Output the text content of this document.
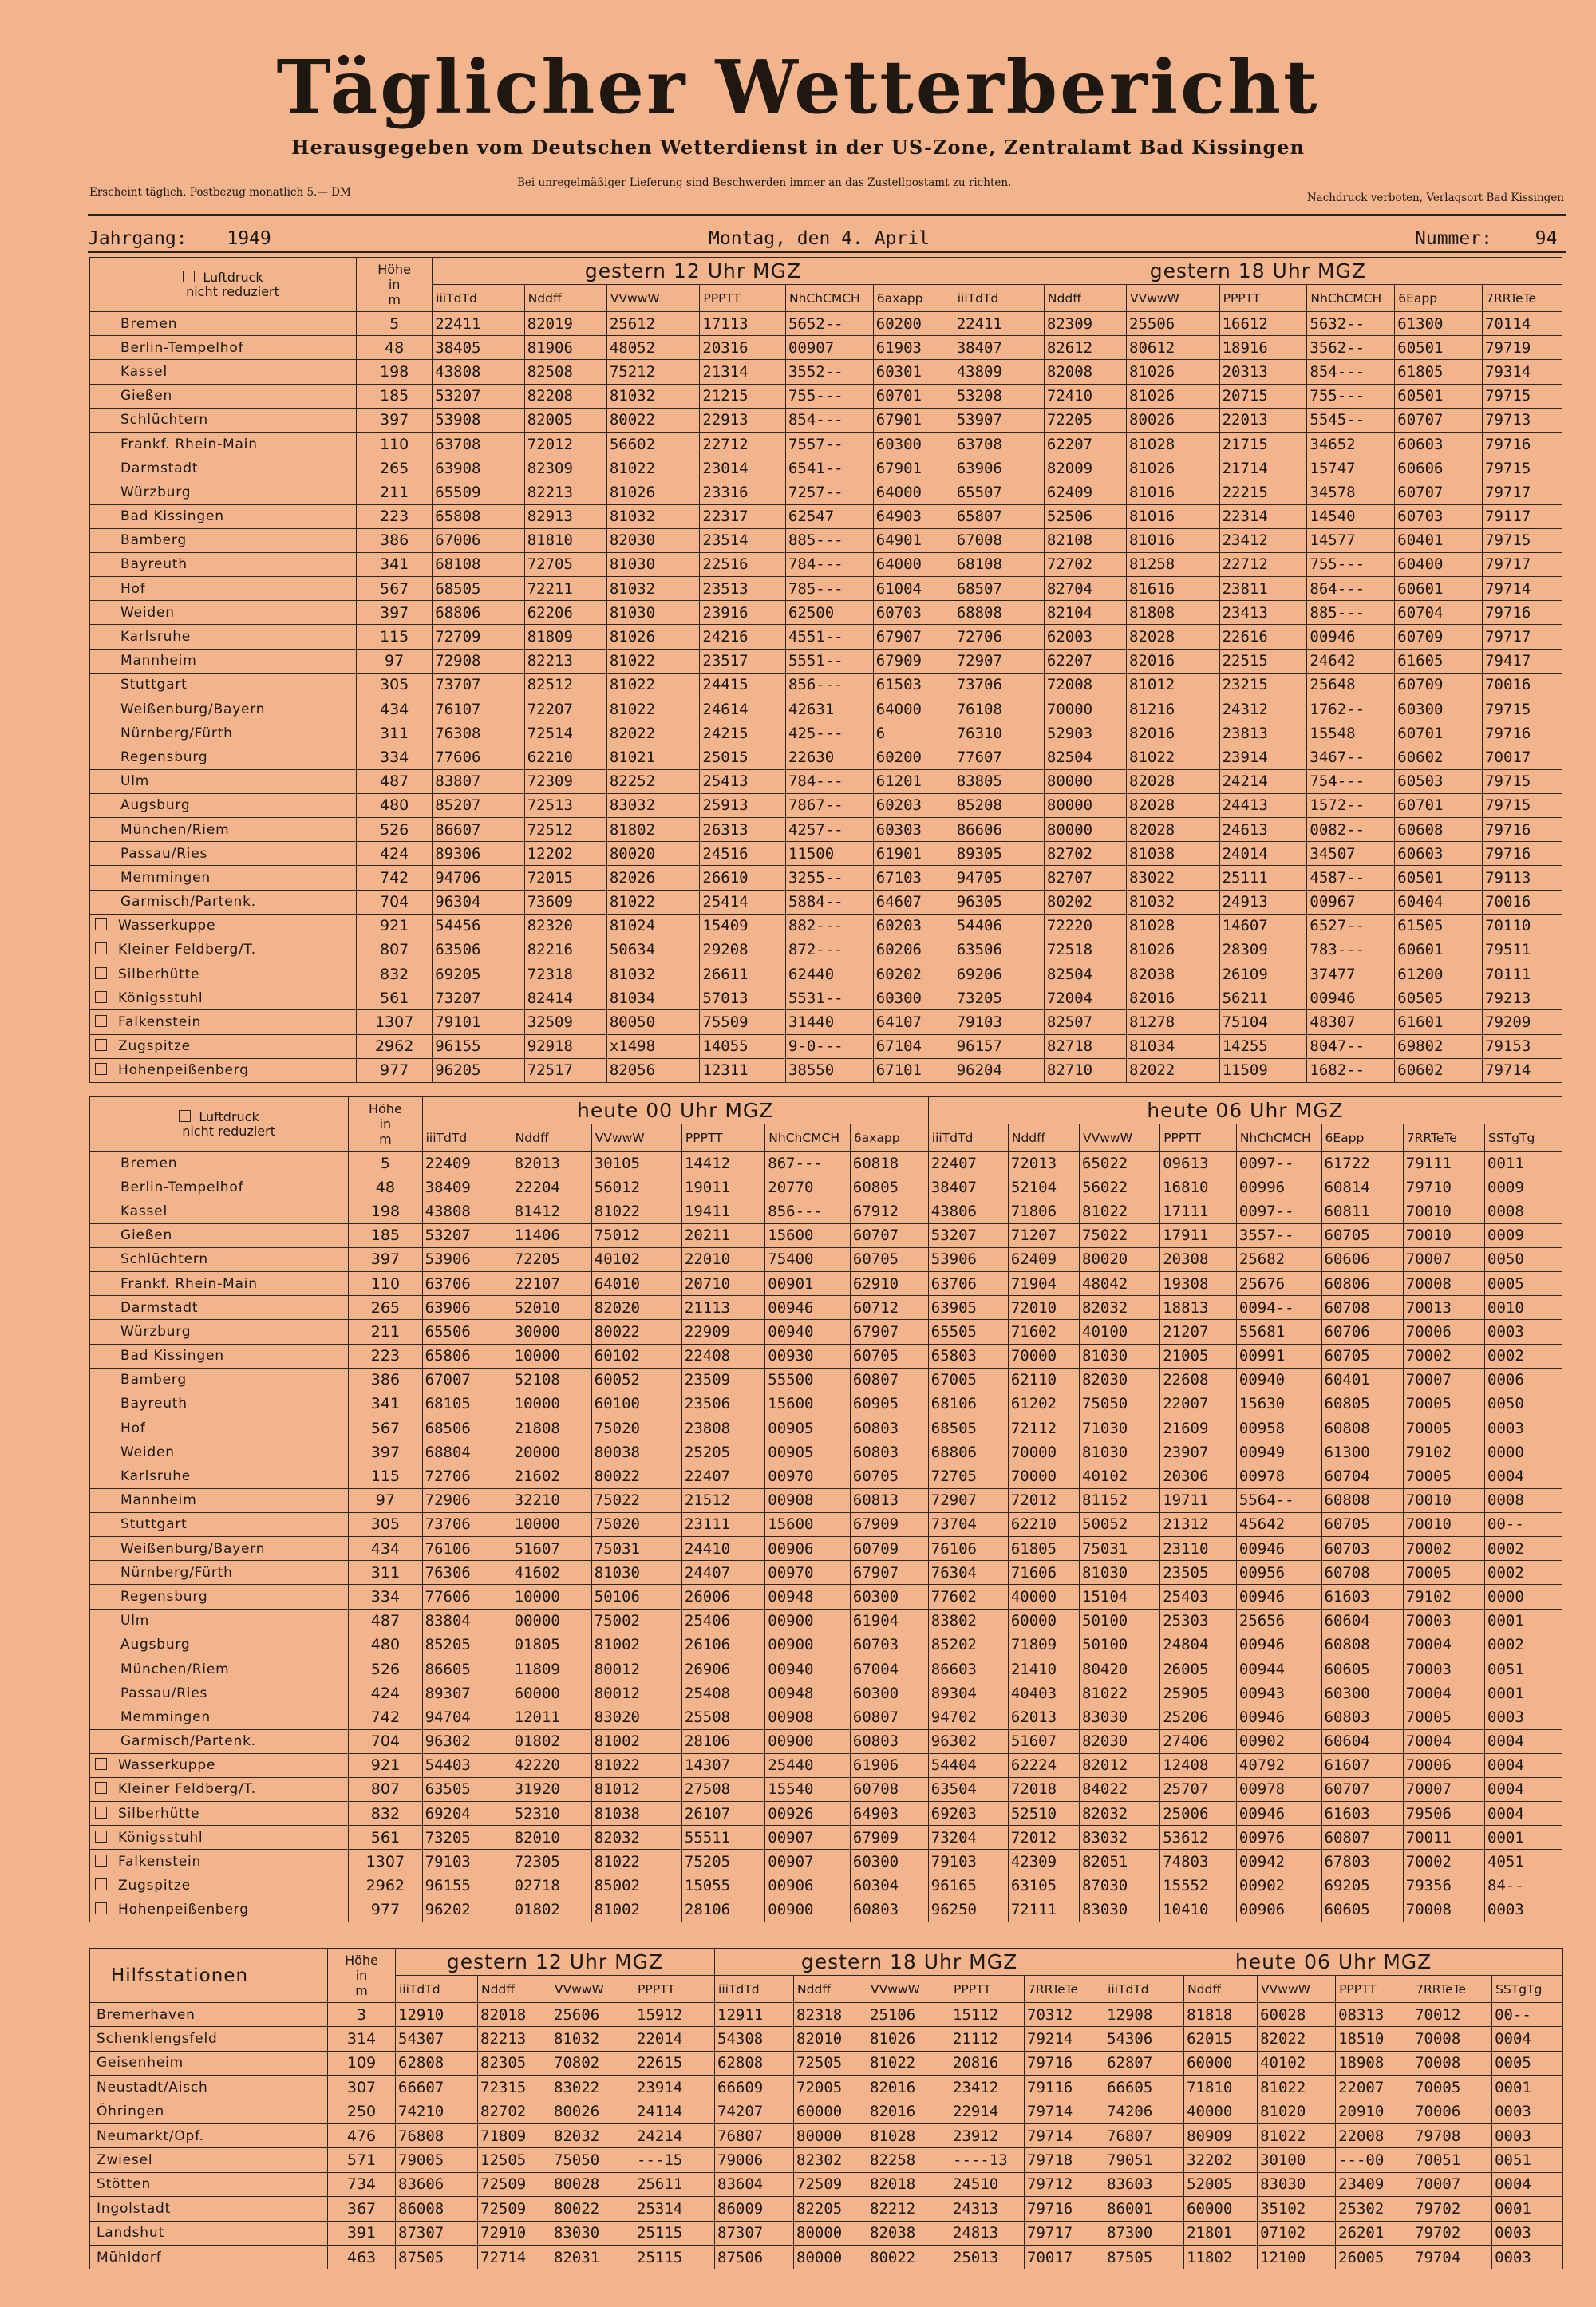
Täglicher Wetterbericht
Herausgegeben vom Deutschen Wetterdienst in der US-Zone, Zentralamt Bad Kissingen
Erscheint täglich, Postbezug monatlich 5.— DM
Bei unregelmäßiger Lieferung sind Beschwerden immer an das Zustellpostamt zu richten.
Nachdruck verboten, Verlagsort Bad Kissingen
Jahrgang: 1949	Montag, den 4. April	Nummer: 94
Luftdruck
nicht reduziert	Höhe
in
m	gestern 12 Uhr MGZ						gestern 18 Uhr MGZ						
		iiiTdTd	Nddff	VVwwW	PPPTT	NhChCMCH	6axapp	iiiTdTd	Nddff	VVwwW	PPPTT	NhChCMCH	6Eapp	7RRTeTe
Bremen	5	22411	82019	25612	17113	5652--	60200	22411	82309	25506	16612	5632--	61300	70114
Berlin-Tempelhof	48	38405	81906	48052	20316	00907	61903	38407	82612	80612	18916	3562--	60501	79719
Kassel	198	43808	82508	75212	21314	3552--	60301	43809	82008	81026	20313	854---	61805	79314
Gießen	185	53207	82208	81032	21215	755---	60701	53208	72410	81026	20715	755---	60501	79715
Schlüchtern	397	53908	82005	80022	22913	854---	67901	53907	72205	80026	22013	5545--	60707	79713
Frankf. Rhein-Main	110	63708	72012	56602	22712	7557--	60300	63708	62207	81028	21715	34652	60603	79716
Darmstadt	265	63908	82309	81022	23014	6541--	67901	63906	82009	81026	21714	15747	60606	79715
Würzburg	211	65509	82213	81026	23316	7257--	64000	65507	62409	81016	22215	34578	60707	79717
Bad Kissingen	223	65808	82913	81032	22317	62547	64903	65807	52506	81016	22314	14540	60703	79117
Bamberg	386	67006	81810	82030	23514	885---	64901	67008	82108	81016	23412	14577	60401	79715
Bayreuth	341	68108	72705	81030	22516	784---	64000	68108	72702	81258	22712	755---	60400	79717
Hof	567	68505	72211	81032	23513	785---	61004	68507	82704	81616	23811	864---	60601	79714
Weiden	397	68806	62206	81030	23916	62500	60703	68808	82104	81808	23413	885---	60704	79716
Karlsruhe	115	72709	81809	81026	24216	4551--	67907	72706	62003	82028	22616	00946	60709	79717
Mannheim	97	72908	82213	81022	23517	5551--	67909	72907	62207	82016	22515	24642	61605	79417
Stuttgart	305	73707	82512	81022	24415	856---	61503	73706	72008	81012	23215	25648	60709	70016
Weißenburg/Bayern	434	76107	72207	81022	24614	42631	64000	76108	70000	81216	24312	1762--	60300	79715
Nürnberg/Fürth	311	76308	72514	82022	24215	425---	6	76310	52903	82016	23813	15548	60701	79716
Regensburg	334	77606	62210	81021	25015	22630	60200	77607	82504	81022	23914	3467--	60602	70017
Ulm	487	83807	72309	82252	25413	784---	61201	83805	80000	82028	24214	754---	60503	79715
Augsburg	480	85207	72513	83032	25913	7867--	60203	85208	80000	82028	24413	1572--	60701	79715
München/Riem	526	86607	72512	81802	26313	4257--	60303	86606	80000	82028	24613	0082--	60608	79716
Passau/Ries	424	89306	12202	80020	24516	11500	61901	89305	82702	81038	24014	34507	60603	79716
Memmingen	742	94706	72015	82026	26610	3255--	67103	94705	82707	83022	25111	4587--	60501	79113
Garmisch/Partenk.	704	96304	73609	81022	25414	5884--	64607	96305	80202	81032	24913	00967	60404	70016
Wasserkuppe	921	54456	82320	81024	15409	882---	60203	54406	72220	81028	14607	6527--	61505	70110
Kleiner Feldberg/T.	807	63506	82216	50634	29208	872---	60206	63506	72518	81026	28309	783---	60601	79511
Silberhütte	832	69205	72318	81032	26611	62440	60202	69206	82504	82038	26109	37477	61200	70111
Königsstuhl	561	73207	82414	81034	57013	5531--	60300	73205	72004	82016	56211	00946	60505	79213
Falkenstein	1307	79101	32509	80050	75509	31440	64107	79103	82507	81278	75104	48307	61601	79209
Zugspitze	2962	96155	92918	x1498	14055	9-0---	67104	96157	82718	81034	14255	8047--	69802	79153
Hohenpeißenberg	977	96205	72517	82056	12311	38550	67101	96204	82710	82022	11509	1682--	60602	79714
Luftdruck
nicht reduziert	Höhe
in
m	heute 00 Uhr MGZ						heute 06 Uhr MGZ							
		iiiTdTd	Nddff	VVwwW	PPPTT	NhChCMCH	6axapp	iiiTdTd	Nddff	VVwwW	PPPTT	NhChCMCH	6Eapp	7RRTeTe	SSTgTg
Bremen	5	22409	82013	30105	14412	867---	60818	22407	72013	65022	09613	0097--	61722	79111	0011
Berlin-Tempelhof	48	38409	22204	56012	19011	20770	60805	38407	52104	56022	16810	00996	60814	79710	0009
Kassel	198	43808	81412	81022	19411	856---	67912	43806	71806	81022	17111	0097--	60811	70010	0008
Gießen	185	53207	11406	75012	20211	15600	60707	53207	71207	75022	17911	3557--	60705	70010	0009
Schlüchtern	397	53906	72205	40102	22010	75400	60705	53906	62409	80020	20308	25682	60606	70007	0050
Frankf. Rhein-Main	110	63706	22107	64010	20710	00901	62910	63706	71904	48042	19308	25676	60806	70008	0005
Darmstadt	265	63906	52010	82020	21113	00946	60712	63905	72010	82032	18813	0094--	60708	70013	0010
Würzburg	211	65506	30000	80022	22909	00940	67907	65505	71602	40100	21207	55681	60706	70006	0003
Bad Kissingen	223	65806	10000	60102	22408	00930	60705	65803	70000	81030	21005	00991	60705	70002	0002
Bamberg	386	67007	52108	60052	23509	55500	60807	67005	62110	82030	22608	00940	60401	70007	0006
Bayreuth	341	68105	10000	60100	23506	15600	60905	68106	61202	75050	22007	15630	60805	70005	0050
Hof	567	68506	21808	75020	23808	00905	60803	68505	72112	71030	21609	00958	60808	70005	0003
Weiden	397	68804	20000	80038	25205	00905	60803	68806	70000	81030	23907	00949	61300	79102	0000
Karlsruhe	115	72706	21602	80022	22407	00970	60705	72705	70000	40102	20306	00978	60704	70005	0004
Mannheim	97	72906	32210	75022	21512	00908	60813	72907	72012	81152	19711	5564--	60808	70010	0008
Stuttgart	305	73706	10000	75020	23111	15600	67909	73704	62210	50052	21312	45642	60705	70010	00--
Weißenburg/Bayern	434	76106	51607	75031	24410	00906	60709	76106	61805	75031	23110	00946	60703	70002	0002
Nürnberg/Fürth	311	76306	41602	81030	24407	00970	67907	76304	71606	81030	23505	00956	60708	70005	0002
Regensburg	334	77606	10000	50106	26006	00948	60300	77602	40000	15104	25403	00946	61603	79102	0000
Ulm	487	83804	00000	75002	25406	00900	61904	83802	60000	50100	25303	25656	60604	70003	0001
Augsburg	480	85205	01805	81002	26106	00900	60703	85202	71809	50100	24804	00946	60808	70004	0002
München/Riem	526	86605	11809	80012	26906	00940	67004	86603	21410	80420	26005	00944	60605	70003	0051
Passau/Ries	424	89307	60000	80012	25408	00948	60300	89304	40403	81022	25905	00943	60300	70004	0001
Memmingen	742	94704	12011	83020	25508	00908	60807	94702	62013	83030	25206	00946	60803	70005	0003
Garmisch/Partenk.	704	96302	01802	81002	28106	00900	60803	96302	51607	82030	27406	00902	60604	70004	0004
Wasserkuppe	921	54403	42220	81022	14307	25440	61906	54404	62224	82012	12408	40792	61607	70006	0004
Kleiner Feldberg/T.	807	63505	31920	81012	27508	15540	60708	63504	72018	84022	25707	00978	60707	70007	0004
Silberhütte	832	69204	52310	81038	26107	00926	64903	69203	52510	82032	25006	00946	61603	79506	0004
Königsstuhl	561	73205	82010	82032	55511	00907	67909	73204	72012	83032	53612	00976	60807	70011	0001
Falkenstein	1307	79103	72305	81022	75205	00907	60300	79103	42309	82051	74803	00942	67803	70002	4051
Zugspitze	2962	96155	02718	85002	15055	00906	60304	96165	63105	87030	15552	00902	69205	79356	84--
Hohenpeißenberg	977	96202	01802	81002	28106	00900	60803	96250	72111	83030	10410	00906	60605	70008	0003
Hilfsstationen	Höhe
in
m	gestern 12 Uhr MGZ				gestern 18 Uhr MGZ					heute 06 Uhr MGZ					
		iiiTdTd	Nddff	VVwwW	PPPTT	iiiTdTd	Nddff	VVwwW	PPPTT	7RRTeTe	iiiTdTd	Nddff	VVwwW	PPPTT	7RRTeTe	SSTgTg
Bremerhaven	3	12910	82018	25606	15912	12911	82318	25106	15112	70312	12908	81818	60028	08313	70012	00--
Schenklengsfeld	314	54307	82213	81032	22014	54308	82010	81026	21112	79214	54306	62015	82022	18510	70008	0004
Geisenheim	109	62808	82305	70802	22615	62808	72505	81022	20816	79716	62807	60000	40102	18908	70008	0005
Neustadt/Aisch	307	66607	72315	83022	23914	66609	72005	82016	23412	79116	66605	71810	81022	22007	70005	0001
Öhringen	250	74210	82702	80026	24114	74207	60000	82016	22914	79714	74206	40000	81020	20910	70006	0003
Neumarkt/Opf.	476	76808	71809	82032	24214	76807	80000	81028	23912	79714	76807	80909	81022	22008	79708	0003
Zwiesel	571	79005	12505	75050	---15	79006	82302	82258	----13	79718	79051	32202	30100	---00	70051	0051
Stötten	734	83606	72509	80028	25611	83604	72509	82018	24510	79712	83603	52005	83030	23409	70007	0004
Ingolstadt	367	86008	72509	80022	25314	86009	82205	82212	24313	79716	86001	60000	35102	25302	79702	0001
Landshut	391	87307	72910	83030	25115	87307	80000	82038	24813	79717	87300	21801	07102	26201	79702	0003
Mühldorf	463	87505	72714	82031	25115	87506	80000	80022	25013	70017	87505	11802	12100	26005	79704	0003
